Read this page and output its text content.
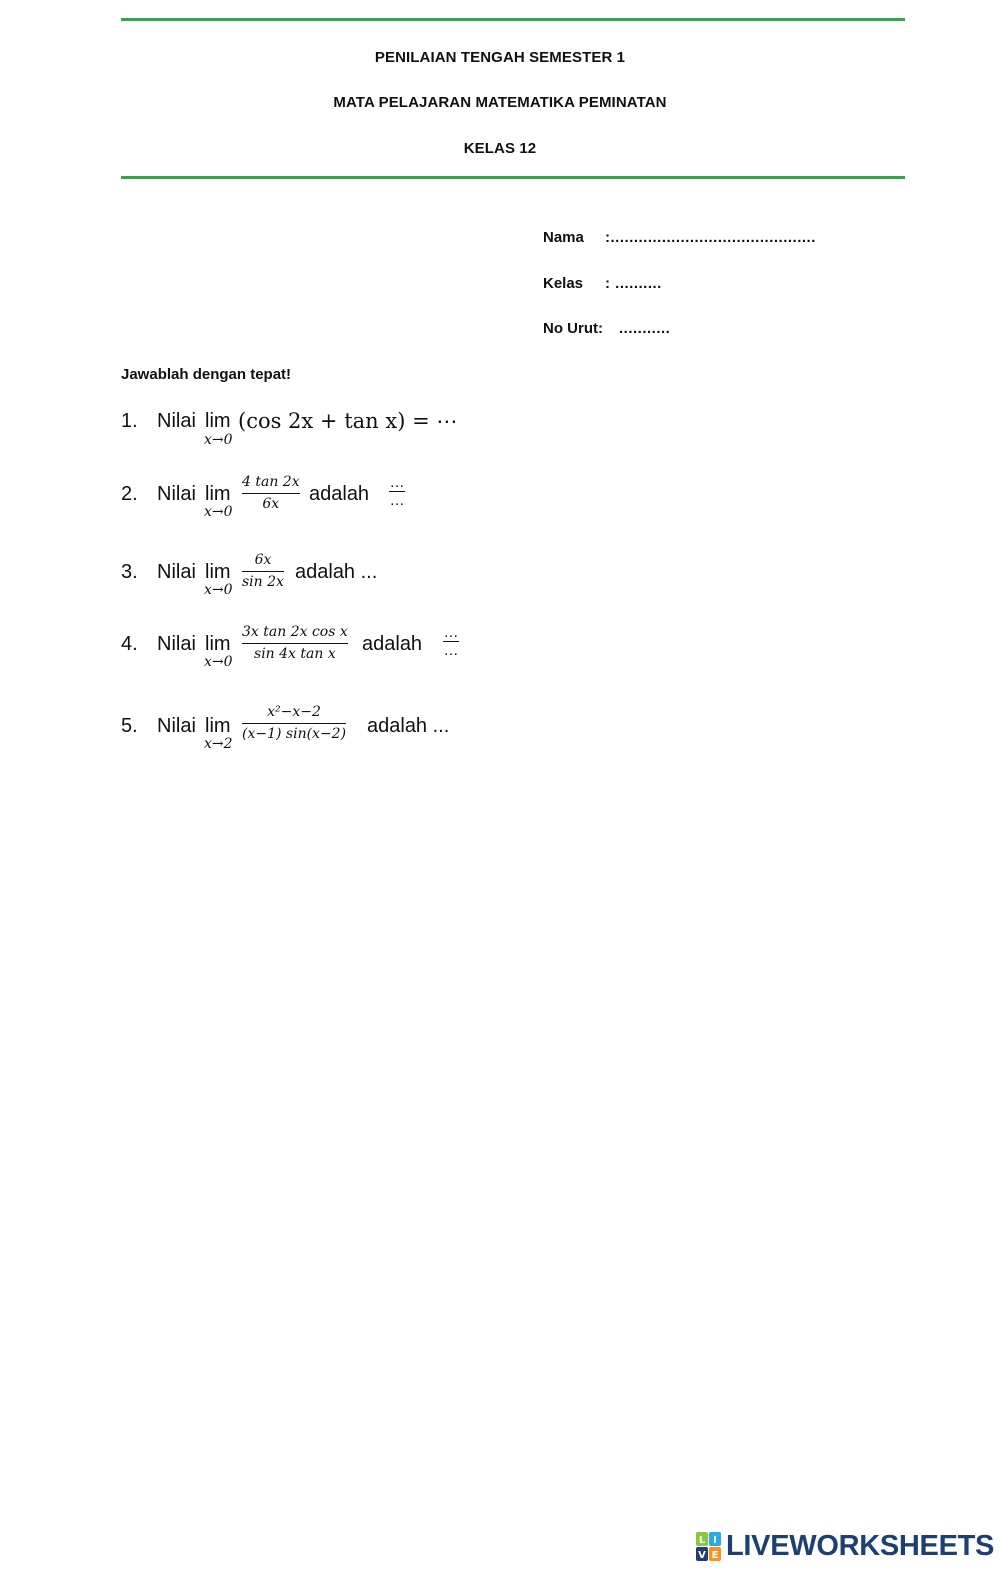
PENILAIAN TENGAH SEMESTER 1
MATA PELAJARAN MATEMATIKA PEMINATAN
KELAS 12
Nama :............................................
Kelas : ..........
No Urut: ...........
Jawablah dengan tepat!
1. Nilai lim
x→0
(cos 2x + tan x) = ⋯
2. Nilai lim
x→0
4 tan 2x
6x	adalah
…
…
3. Nilai lim
x→0
6x
sin 2x adalah ...
4. Nilai lim
x→0
3x tan 2x cos x
sin 4x tan x	adalah
…
…
5. Nilai lim
x→2
x²−x−2
(x−1) sin(x−2) adalah ...
L I
V E LIVEWORKSHEETS
